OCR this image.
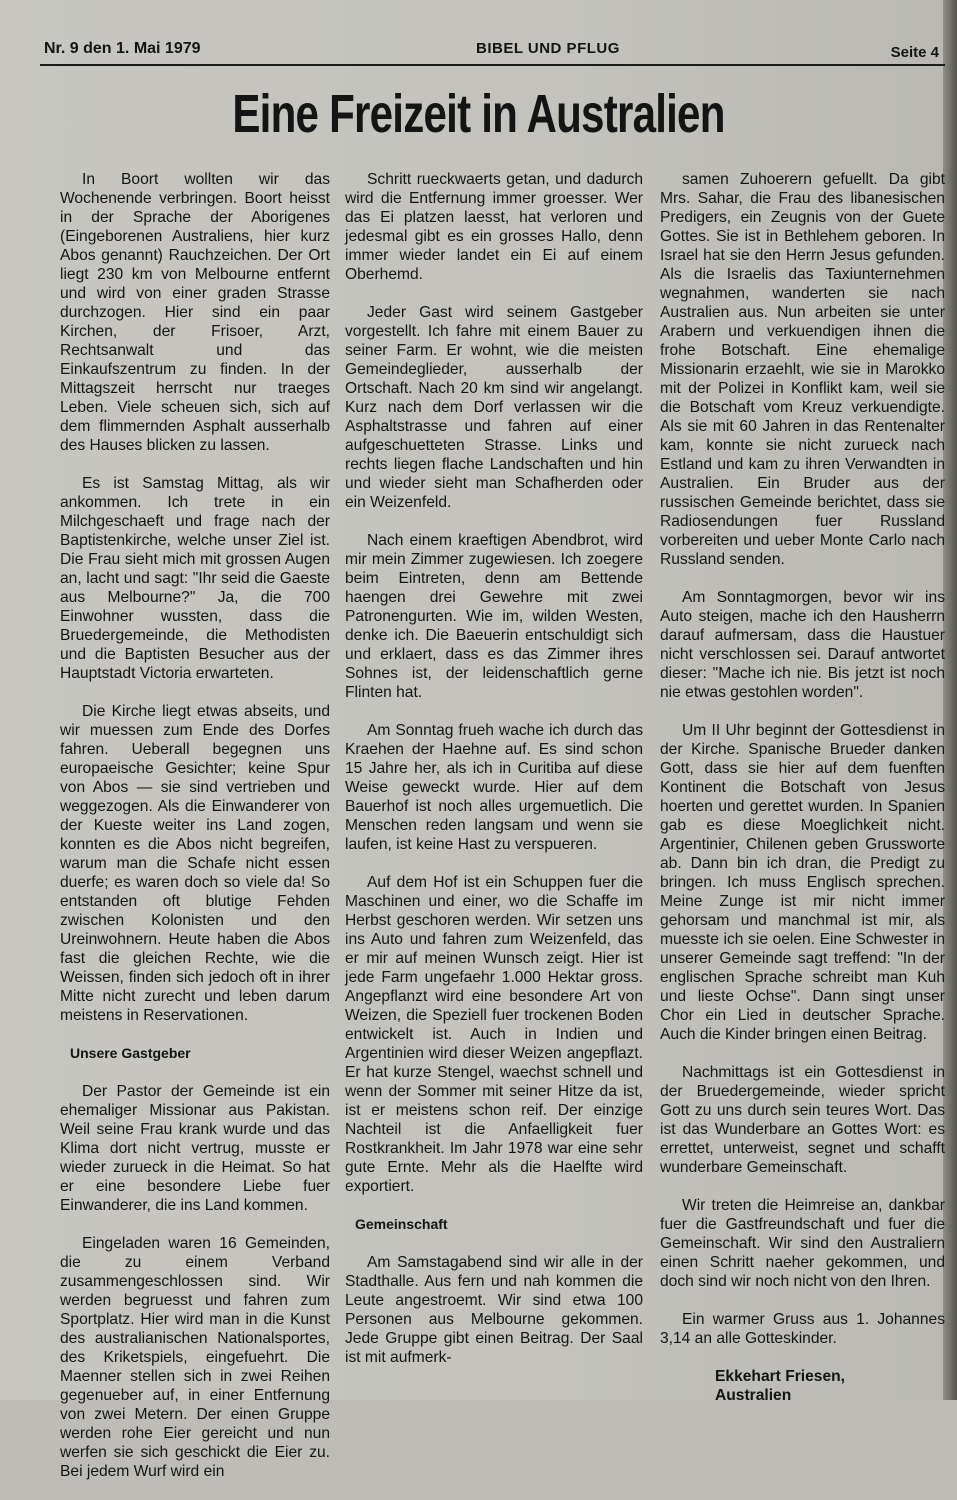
Nr. 9 den 1. Mai 1979	BIBEL UND PFLUG	Seite 4
Eine Freizeit in Australien

In Boort wollten wir das Wochenende verbringen. Boort heisst in der Sprache der Aborigenes (Eingeborenen Australiens, hier kurz Abos genannt) Rauchzeichen. Der Ort liegt 230 km von Melbourne entfernt und wird von einer graden Strasse durchzogen. Hier sind ein paar Kirchen, der Frisoer, Arzt, Rechtsanwalt und das Einkaufszentrum zu finden. In der Mittagszeit herrscht nur traeges Leben. Viele scheuen sich, sich auf dem flimmernden Asphalt ausserhalb des Hauses blicken zu lassen.

Es ist Samstag Mittag, als wir ankommen. Ich trete in ein Milchgeschaeft und frage nach der Baptistenkirche, welche unser Ziel ist. Die Frau sieht mich mit grossen Augen an, lacht und sagt: "Ihr seid die Gaeste aus Melbourne?" Ja, die 700 Einwohner wussten, dass die Bruedergemeinde, die Methodisten und die Baptisten Besucher aus der Hauptstadt Victoria erwarteten.

Die Kirche liegt etwas abseits, und wir muessen zum Ende des Dorfes fahren. Ueberall begegnen uns europaeische Gesichter; keine Spur von Abos — sie sind vertrieben und weggezogen. Als die Einwanderer von der Kueste weiter ins Land zogen, konnten es die Abos nicht begreifen, warum man die Schafe nicht essen duerfe; es waren doch so viele da! So entstanden oft blutige Fehden zwischen Kolonisten und den Ureinwohnern. Heute haben die Abos fast die gleichen Rechte, wie die Weissen, finden sich jedoch oft in ihrer Mitte nicht zurecht und leben darum meistens in Reservationen.

Unsere Gastgeber

Der Pastor der Gemeinde ist ein ehemaliger Missionar aus Pakistan. Weil seine Frau krank wurde und das Klima dort nicht vertrug, musste er wieder zurueck in die Heimat. So hat er eine besondere Liebe fuer Einwanderer, die ins Land kommen.

Eingeladen waren 16 Gemeinden, die zu einem Verband zusammengeschlossen sind. Wir werden begruesst und fahren zum Sportplatz. Hier wird man in die Kunst des australianischen Nationalsportes, des Kriketspiels, eingefuehrt. Die Maenner stellen sich in zwei Reihen gegenueber auf, in einer Entfernung von zwei Metern. Der einen Gruppe werden rohe Eier gereicht und nun werfen sie sich geschickt die Eier zu. Bei jedem Wurf wird ein

Schritt rueckwaerts getan, und dadurch wird die Entfernung immer groesser. Wer das Ei platzen laesst, hat verloren und jedesmal gibt es ein grosses Hallo, denn immer wieder landet ein Ei auf einem Oberhemd.

Jeder Gast wird seinem Gastgeber vorgestellt. Ich fahre mit einem Bauer zu seiner Farm. Er wohnt, wie die meisten Gemeindeglieder, ausserhalb der Ortschaft. Nach 20 km sind wir angelangt. Kurz nach dem Dorf verlassen wir die Asphaltstrasse und fahren auf einer aufgeschuetteten Strasse. Links und rechts liegen flache Landschaften und hin und wieder sieht man Schafherden oder ein Weizenfeld.

Nach einem kraeftigen Abendbrot, wird mir mein Zimmer zugewiesen. Ich zoegere beim Eintreten, denn am Bettende haengen drei Gewehre mit zwei Patronengurten. Wie im, wilden Westen, denke ich. Die Baeuerin entschuldigt sich und erklaert, dass es das Zimmer ihres Sohnes ist, der leidenschaftlich gerne Flinten hat.

Am Sonntag frueh wache ich durch das Kraehen der Haehne auf. Es sind schon 15 Jahre her, als ich in Curitiba auf diese Weise geweckt wurde. Hier auf dem Bauerhof ist noch alles urgemuetlich. Die Menschen reden langsam und wenn sie laufen, ist keine Hast zu verspueren.

Auf dem Hof ist ein Schuppen fuer die Maschinen und einer, wo die Schaffe im Herbst geschoren werden. Wir setzen uns ins Auto und fahren zum Weizenfeld, das er mir auf meinen Wunsch zeigt. Hier ist jede Farm ungefaehr 1.000 Hektar gross. Angepflanzt wird eine besondere Art von Weizen, die Speziell fuer trockenen Boden entwickelt ist. Auch in Indien und Argentinien wird dieser Weizen angepflazt. Er hat kurze Stengel, waechst schnell und wenn der Sommer mit seiner Hitze da ist, ist er meistens schon reif. Der einzige Nachteil ist die Anfaelligkeit fuer Rostkrankheit. Im Jahr 1978 war eine sehr gute Ernte. Mehr als die Haelfte wird exportiert.

Gemeinschaft

Am Samstagabend sind wir alle in der Stadthalle. Aus fern und nah kommen die Leute angestroemt. Wir sind etwa 100 Personen aus Melbourne gekommen. Jede Gruppe gibt einen Beitrag. Der Saal ist mit aufmerk-

samen Zuhoerern gefuellt. Da gibt Mrs. Sahar, die Frau des libanesischen Predigers, ein Zeugnis von der Guete Gottes. Sie ist in Bethlehem geboren. In Israel hat sie den Herrn Jesus gefunden. Als die Israelis das Taxiunternehmen wegnahmen, wanderten sie nach Australien aus. Nun arbeiten sie unter Arabern und verkuendigen ihnen die frohe Botschaft. Eine ehemalige Missionarin erzaehlt, wie sie in Marokko mit der Polizei in Konflikt kam, weil sie die Botschaft vom Kreuz verkuendigte. Als sie mit 60 Jahren in das Rentenalter kam, konnte sie nicht zurueck nach Estland und kam zu ihren Verwandten in Australien. Ein Bruder aus der russischen Gemeinde berichtet, dass sie Radiosendungen fuer Russland vorbereiten und ueber Monte Carlo nach Russland senden.

Am Sonntagmorgen, bevor wir ins Auto steigen, mache ich den Hausherrn darauf aufmersam, dass die Haustuer nicht verschlossen sei. Darauf antwortet dieser: "Mache ich nie. Bis jetzt ist noch nie etwas gestohlen worden".

Um II Uhr beginnt der Gottesdienst in der Kirche. Spanische Brueder danken Gott, dass sie hier auf dem fuenften Kontinent die Botschaft von Jesus hoerten und gerettet wurden. In Spanien gab es diese Moeglichkeit nicht. Argentinier, Chilenen geben Grussworte ab. Dann bin ich dran, die Predigt zu bringen. Ich muss Englisch sprechen. Meine Zunge ist mir nicht immer gehorsam und manchmal ist mir, als muesste ich sie oelen. Eine Schwester in unserer Gemeinde sagt treffend: "In der englischen Sprache schreibt man Kuh und lieste Ochse". Dann singt unser Chor ein Lied in deutscher Sprache. Auch die Kinder bringen einen Beitrag.

Nachmittags ist ein Gottesdienst in der Bruedergemeinde, wieder spricht Gott zu uns durch sein teures Wort. Das ist das Wunderbare an Gottes Wort: es errettet, unterweist, segnet und schafft wunderbare Gemeinschaft.

Wir treten die Heimreise an, dankbar fuer die Gastfreundschaft und fuer die Gemeinschaft. Wir sind den Australiern einen Schritt naeher gekommen, und doch sind wir noch nicht von den Ihren.

Ein warmer Gruss aus 1. Johannes 3,14 an alle Gotteskinder.

Ekkehart Friesen,
Australien
